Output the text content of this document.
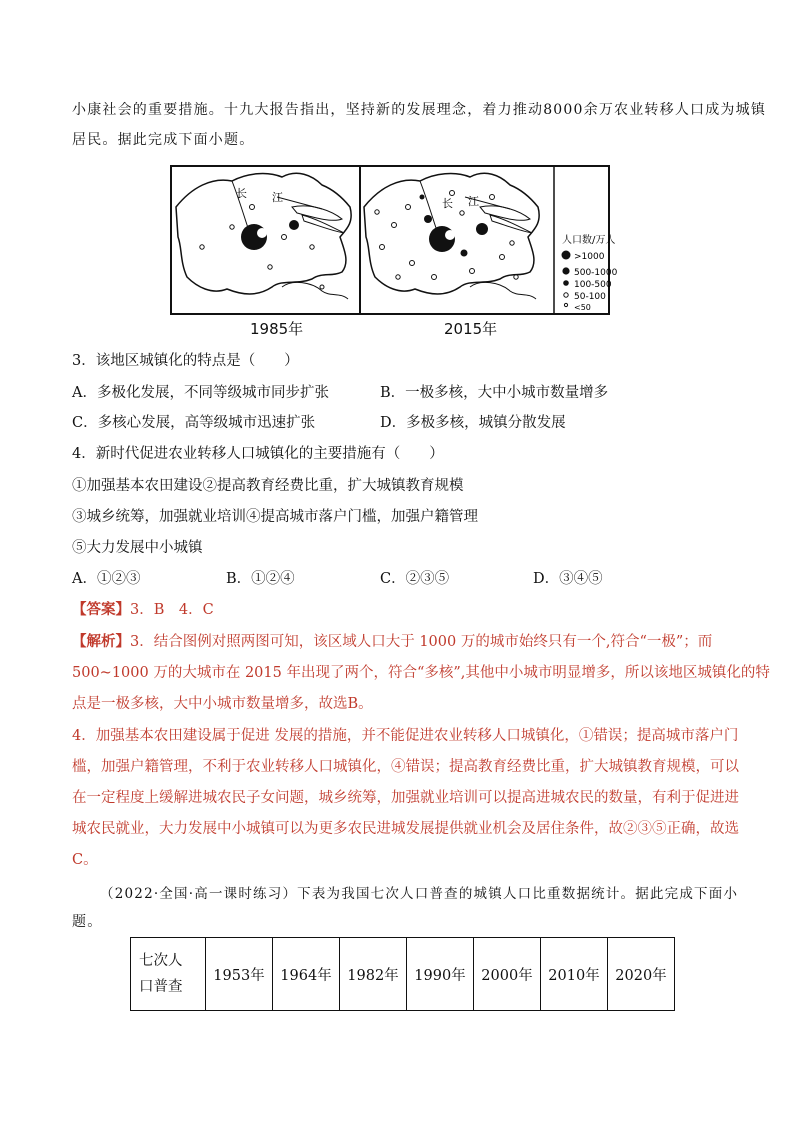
小康社会的重要措施。十九大报告指出，坚持新的发展理念，着力推动8000余万农业转移人口成为城镇
居民。据此完成下面小题。
长 江	长 江
人口数/万人
>1000
500-1000
100-500
50-100
<50
1985年	2015年
3．该地区城镇化的特点是（　　）
A．多极化发展，不同等级城市同步扩张	B．一极多核，大中小城市数量增多
C．多核心发展，高等级城市迅速扩张	D．多极多核，城镇分散发展
4．新时代促进农业转移人口城镇化的主要措施有（　　）
①加强基本农田建设②提高教育经费比重，扩大城镇教育规模
③城乡统筹，加强就业培训④提高城市落户门槛，加强户籍管理
⑤大力发展中小城镇
A．①②③	B．①②④	C．②③⑤	D．③④⑤
【答案】3．B　4．C
【解析】3．结合图例对照两图可知，该区域人口大于 1000 万的城市始终只有一个,符合“一极”；而
500~1000 万的大城市在 2015 年出现了两个，符合“多核”,其他中小城市明显增多，所以该地区城镇化的特
点是一极多核，大中小城市数量增多，故选B。
4．加强基本农田建设属于促进 发展的措施，并不能促进农业转移人口城镇化，①错误；提高城市落户门
槛，加强户籍管理，不利于农业转移人口城镇化，④错误；提高教育经费比重，扩大城镇教育规模，可以
在一定程度上缓解进城农民子女问题，城乡统筹，加强就业培训可以提高进城农民的数量，有利于促进进
城农民就业，大力发展中小城镇可以为更多农民进城发展提供就业机会及居住条件，故②③⑤正确，故选
C。
（2022·全国·高一课时练习）下表为我国七次人口普查的城镇人口比重数据统计。据此完成下面小
题。
七次人
口普查	1953年	1964年	1982年	1990年	2000年	2010年	2020年
